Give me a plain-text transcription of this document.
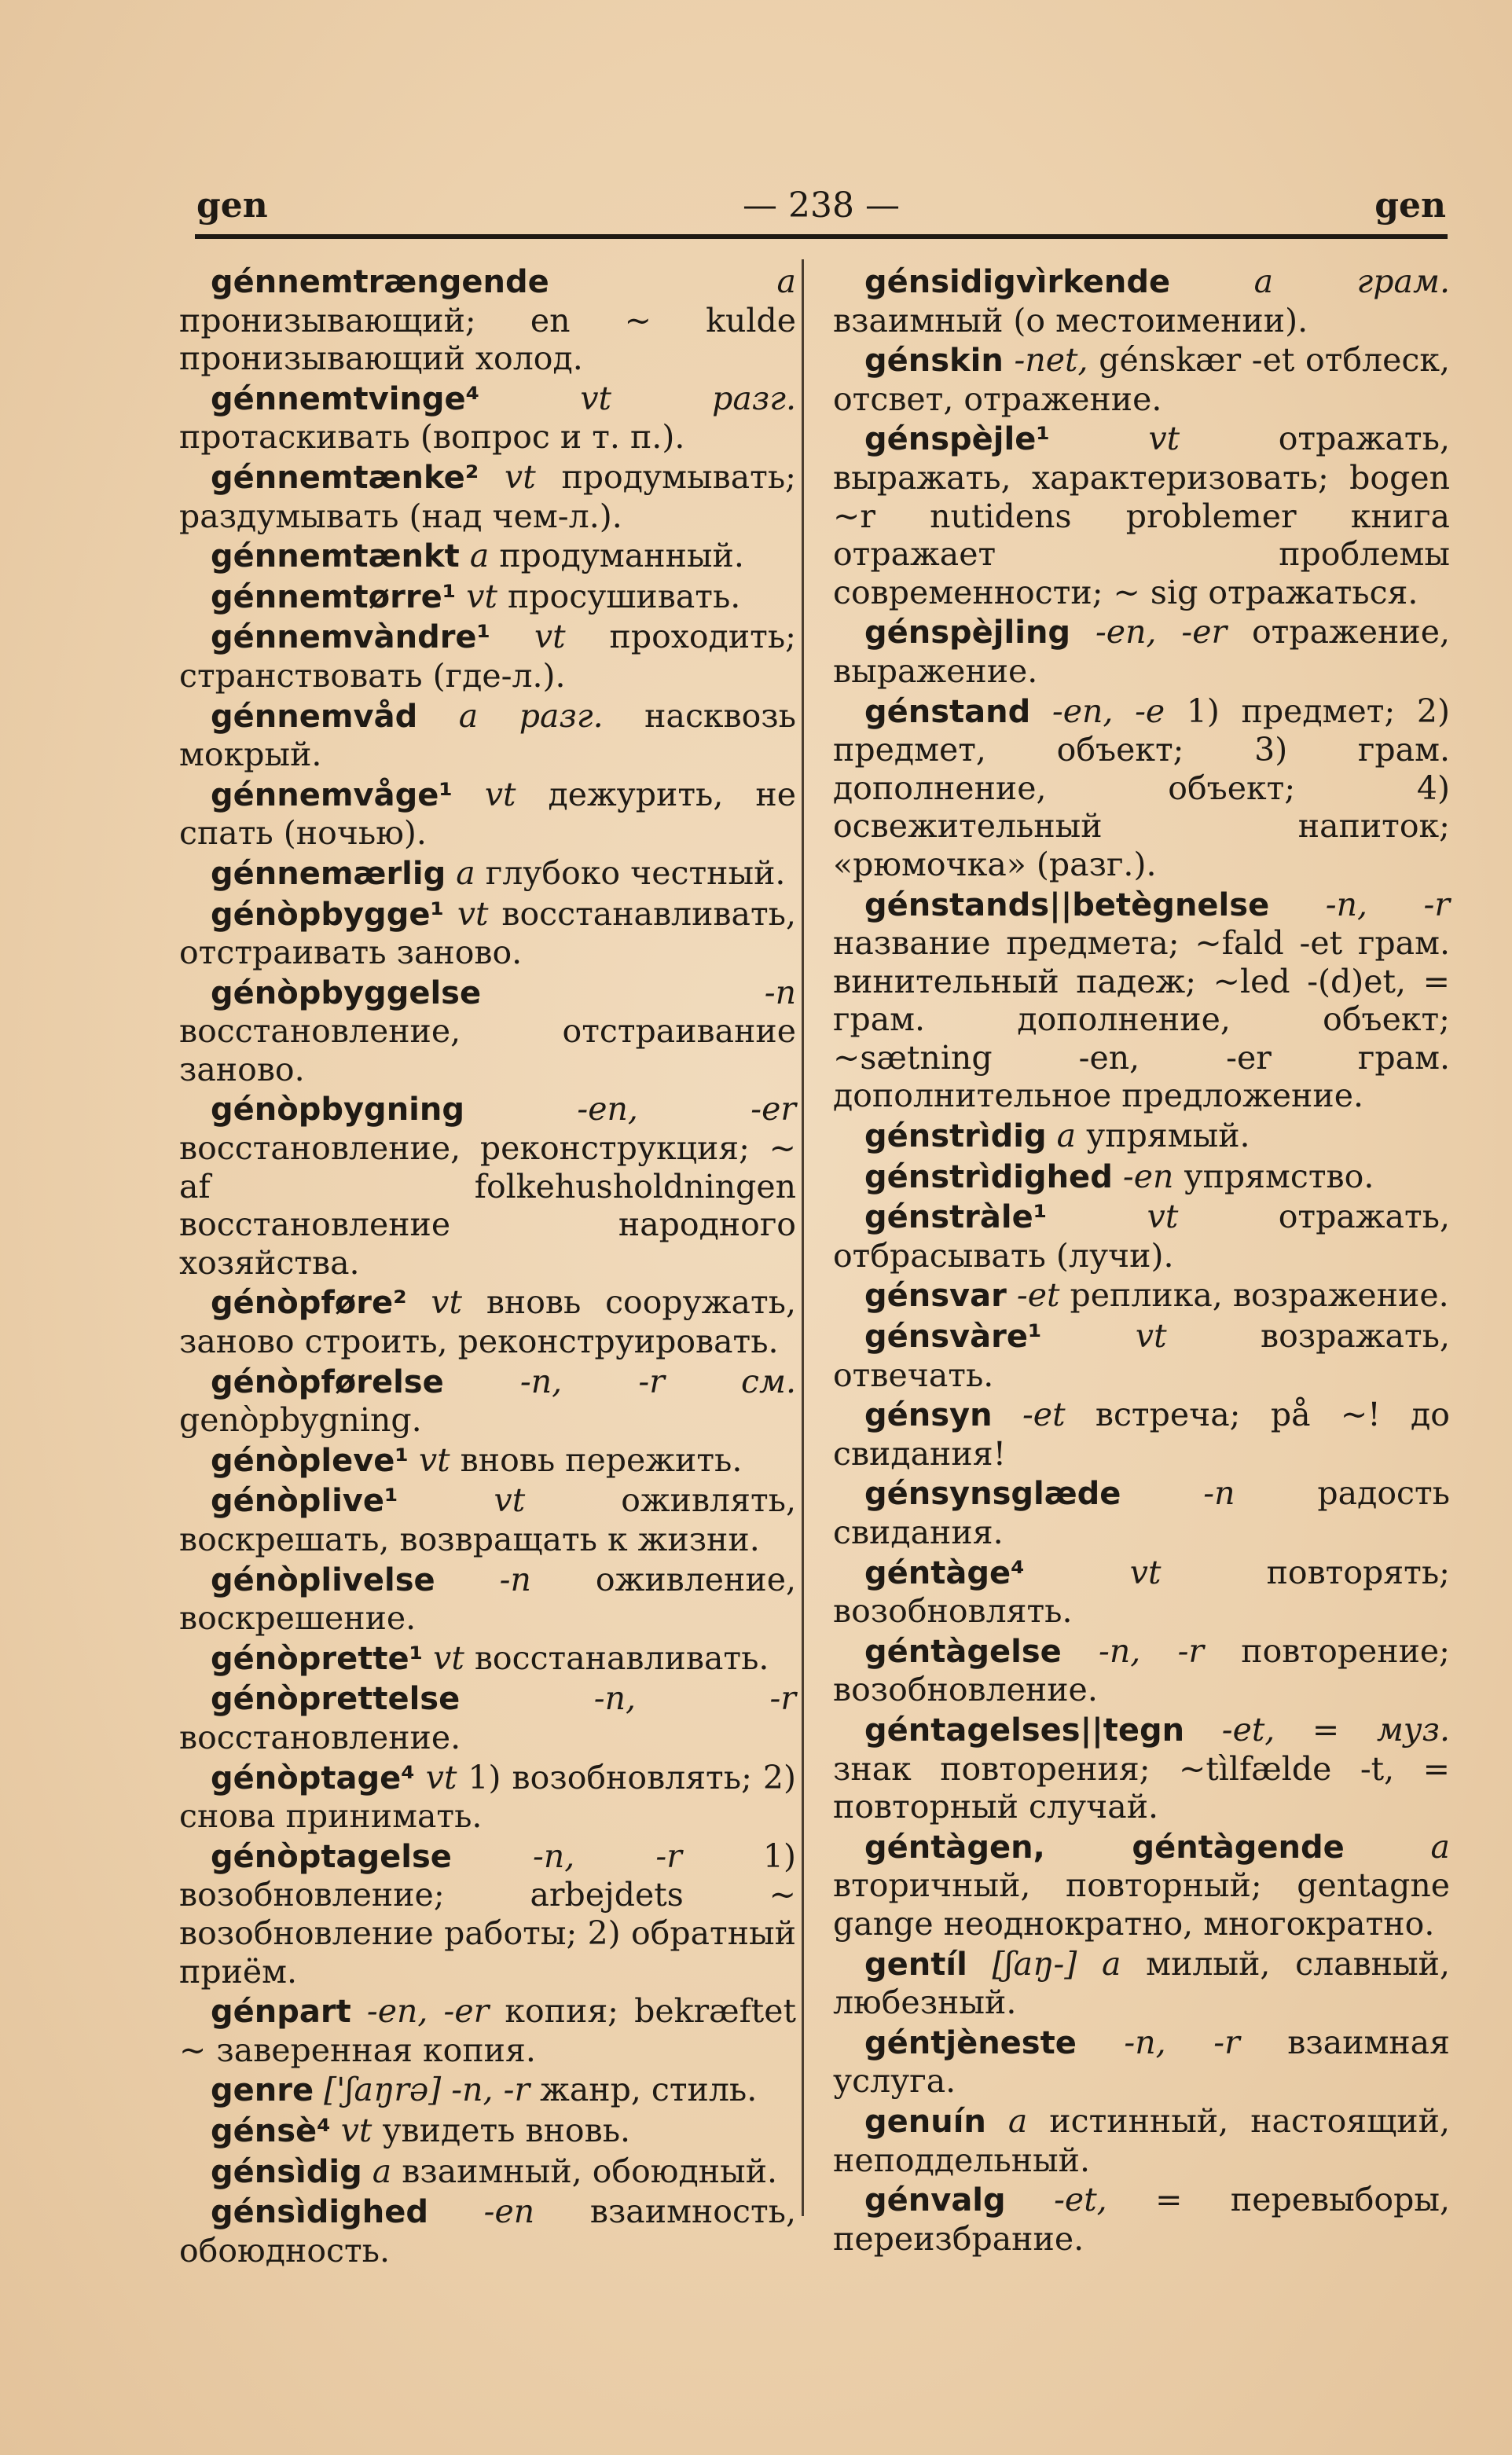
gen	— 238 —	gen

génnemtrængende	a пронизывающий; en ~ kulde пронизывающий холод.

génnemtvinge⁴	vt разг. протаскивать (вопрос и т. п.).

génnemtænke² vt продумывать; раздумывать (над чем-л.).

génnemtænkt a продуманный.

génnemtørre¹ vt просушивать.

génnemvàndre¹ vt проходить; странствовать (где-л.).

génnemvåd a разг. насквозь мокрый.

génnemvåge¹ vt дежурить, не спать (ночью).

génnemærlig a глубоко честный.

génòpbygge¹ vt восстанавливать, отстраивать заново.

génòpbyggelse	-n восстановление, отстраивание заново.

génòpbygning	-en, -er восстановление, реконструкция; ~ af folkehusholdningen восстановление народного хозяйства.

génòpføre² vt вновь сооружать, заново строить, реконструировать.

génòpførelse -n, -r см. genòpbygning.

génòpleve¹ vt вновь пережить.

génòplive¹	vt	оживлять, воскрешать, возвращать к жизни.

génòplivelse -n оживление, воскрешение.

génòprette¹ vt восстанавливать.

génòprettelse	-n, -r восстановление.

génòptage⁴ vt 1) возобновлять; 2) снова принимать.

génòptagelse	-n, -r	1) возобновление; arbejdets ~ возобновление работы; 2) обратный приём.

génpart -en, -er копия; bekræftet ~ заверенная копия.

genre ['ʃaŋrə] -n, -r жанр, стиль.

génsè⁴ vt увидеть вновь.

génsìdig a взаимный, обоюдный.

génsìdighed -en взаимность, обоюдность.

génsidigvìrkende	a грам. взаимный (о местоимении).

génskin -net, génskær -et отблеск, отсвет, отражение.

génspèjle¹	vt	отражать, выражать, характеризовать; bogen ~r nutidens problemer книга отражает проблемы современности; ~ sig отражаться.

génspèjling -en, -er отражение, выражение.

génstand -en, -e 1) предмет; 2) предмет, объект; 3) грам. дополнение, объект; 4) освежительный напиток; «рюмочка» (разг.).

génstands||betègnelse -n, -r название предмета; ~fald -et грам. винительный падеж; ~led -(d)et, = грам. дополнение, объект; ~sætning -en, -er грам. дополнительное предложение.

génstrìdig a упрямый.

génstrìdighed -en упрямство.

génstràle¹	vt	отражать, отбрасывать (лучи).

génsvar -et реплика, возражение.

génsvàre¹	vt	возражать, отвечать.

génsyn -et встреча; på ~! до свидания!

génsynsglæde	-n	радость свидания.

géntàge⁴	vt	повторять; возобновлять.

géntàgelse -n, -r повторение; возобновление.

géntagelses||tegn -et, = муз. знак повторения; ~tìlfælde -t, = повторный случай.

géntàgen, géntàgende	a вторичный, повторный; gentagne gange неоднократно, многократно.

gentíl [ʃaŋ-] a милый, славный, любезный.

géntjèneste -n, -r взаимная услуга.

genuín a истинный, настоящий, неподдельный.

génvalg -et, = перевыборы, переизбрание.
